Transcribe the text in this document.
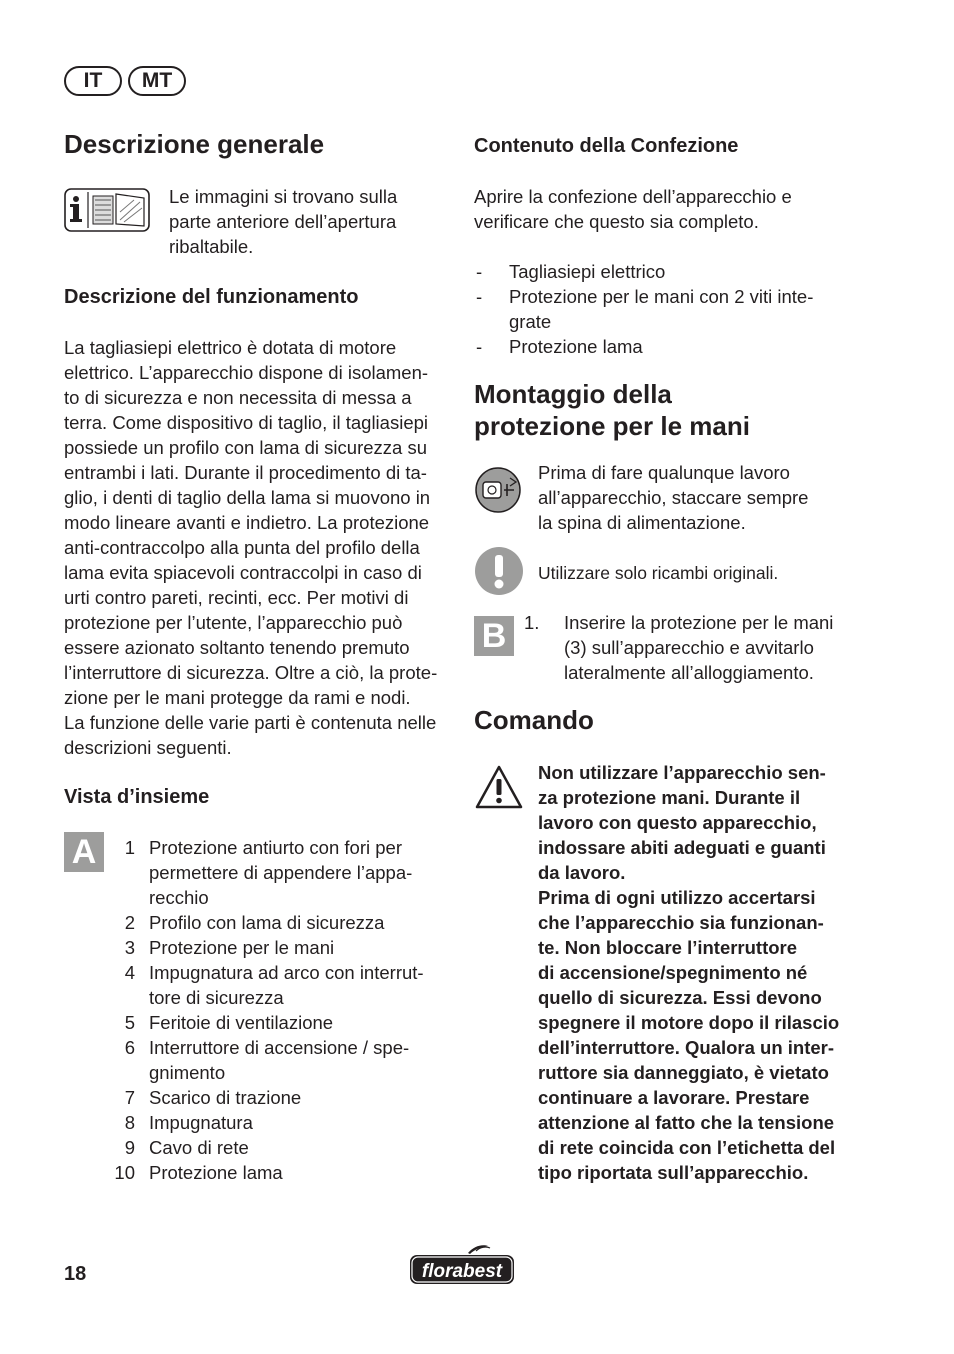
IT	MT
Descrizione generale

Le immagini si trovano sulla

parte anteriore dell’apertura

ribaltabile.

Descrizione del funzionamento

La tagliasiepi elettrico è dotata di motore

elettrico. L’apparecchio dispone di isolamen-

to di sicurezza e non necessita di messa a

terra. Come dispositivo di taglio, il tagliasiepi

possiede un profilo con lama di sicurezza su

entrambi i lati. Durante il procedimento di ta-

glio, i denti di taglio della lama si muovono in

modo lineare avanti e indietro. La protezione

anti-contraccolpo alla punta del profilo della

lama evita spiacevoli contraccolpi in caso di

urti contro pareti, recinti, ecc. Per motivi di

protezione per l’utente, l’apparecchio può

essere azionato soltanto tenendo premuto

l’interruttore di sicurezza. Oltre a ciò, la prote-

zione per le mani protegge da rami e nodi.

La funzione delle varie parti è contenuta nelle

descrizioni seguenti.

Vista d’insieme
A	1 Protezione antiurto con fori per

permettere di appendere l’appa-

recchio

2 Profilo con lama di sicurezza

3 Protezione per le mani

4 Impugnatura ad arco con interrut-

tore di sicurezza

5 Feritoie di ventilazione

6 Interruttore di accensione / spe-

gnimento

7 Scarico di trazione

8 Impugnatura

9 Cavo di rete

10 Protezione lama

Contenuto della Confezione

Aprire la confezione dell’apparecchio e

verificare che questo sia completo.

- Tagliasiepi elettrico

- Protezione per le mani con 2 viti inte-

grate

- Protezione lama

Montaggio della

protezione per le mani

Prima di fare qualunque lavoro

all’apparecchio, staccare sempre

la spina di alimentazione.

Utilizzare solo ricambi originali.
B 1.	Inserire la protezione per le mani

(3) sull’apparecchio e avvitarlo

lateralmente all’alloggiamento.

Comando

Non utilizzare l’apparecchio sen-

za protezione mani. Durante il

lavoro con questo apparecchio,

indossare abiti adeguati e guanti

da lavoro.

Prima di ogni utilizzo accertarsi

che l’apparecchio sia funzionan-

te. Non bloccare l’interruttore

di accensione/spegnimento né

quello di sicurezza. Essi devono

spegnere il motore dopo il rilascio

dell’interruttore. Qualora un inter-

ruttore sia danneggiato, è vietato

continuare a lavorare. Prestare

attenzione al fatto che la tensione

di rete coincida con l’etichetta del

tipo riportata sull’apparecchio.

18	florabest
